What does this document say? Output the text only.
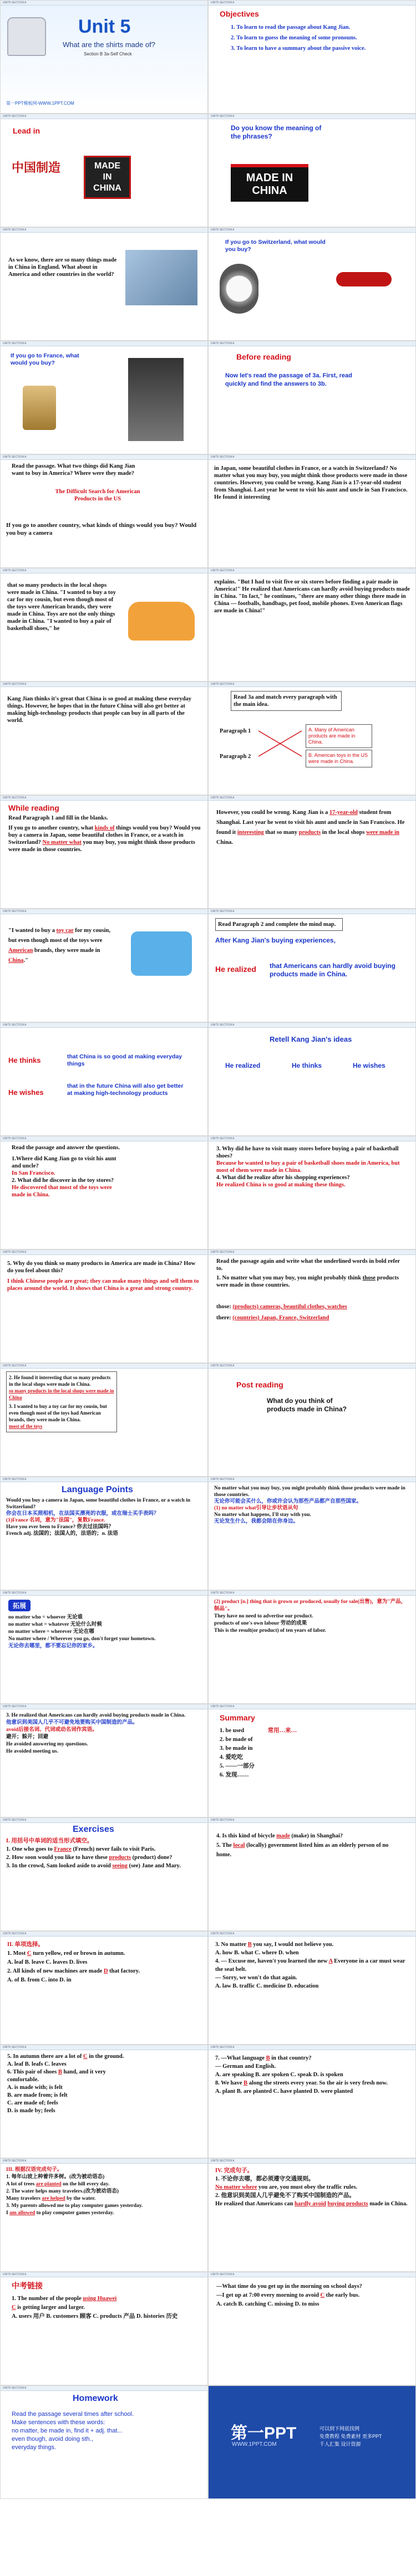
UNIT5 SECTION A
Unit 5
What are the shirts made of?
Section B 3a-Self Check
第一PPT模板网-WWW.1PPT.COM
UNIT5 SECTION A
Objectives

1. To learn to read the passage about Kang Jian.

2. To learn to guess the meaning of some pronouns.

3. To learn to have a summary about the passive voice.

UNIT5 SECTION A
Lead in
中国制造	MADE IN CHINA
UNIT5 SECTION A
Do you know the meaning of the phrases?
MADE IN CHINA
UNIT5 SECTION A
As we know, there are so many things made in China in England. What about in America and other countries in the world?
UNIT5 SECTION A
If you go to Switzerland, what would you buy?
UNIT5 SECTION A
If you go to France, what would you buy?
UNIT5 SECTION A
Before reading
Now let's read the passage of 3a. First, read quickly and find the answers to 3b.
UNIT5 SECTION A
Read the passage. What two things did Kang Jian want to buy in America? Where were they made?
The Difficult Search for American Products in the US
If you go to another country, what kinds of things would you buy? Would you buy a camera
UNIT5 SECTION A
in Japan, some beautiful clothes in France, or a watch in Switzerland? No matter what you may buy, you might think those products were made in those countries. However, you could be wrong. Kang Jian is a 17-year-old student from Shanghai. Last year he went to visit his aunt and uncle in San Francisco. He found it interesting
UNIT5 SECTION A
that so many products in the local shops were made in China. "I wanted to buy a toy car for my cousin, but even though most of the toys were American brands, they were made in China. Toys are not the only things made in China. "I wanted to buy a pair of basketball shoes," he
UNIT5 SECTION A
explains. "But I had to visit five or six stores before finding a pair made in America!" He realized that Americans can hardly avoid buying products made in China. "In fact," he continues, "there are many other things there made in China — footballs, handbags, pet food, mobile phones. Even American flags are made in China!"
UNIT5 SECTION A
Kang Jian thinks it's great that China is so good at making these everyday things. However, he hopes that in the future China will also get better at making high-technology products that people can buy in all parts of the world.
UNIT5 SECTION A
Read 3a and match every paragraph with the main idea.
Paragraph 1
Paragraph 2
A. Many of American products are made in China.
B. American toys in the US were made in China.
UNIT5 SECTION A
While reading
Read Paragraph 1 and fill in the blanks.
If you go to another country, what kinds of things would you buy? Would you buy a camera in Japan, some beautiful clothes in France, or a watch in Switzerland? No matter what you may buy, you might think those products were made in those countries.
UNIT5 SECTION A
However, you could be wrong. Kang Jian is a 17-year-old student from Shanghai. Last year he went to visit his aunt and uncle in San Francisco. He found it interesting that so many products in the local shops were made in China.
UNIT5 SECTION A
"I wanted to buy a toy car for my cousin, but even though most of the toys were American brands, they were made in China."
UNIT5 SECTION A
Read Paragraph 2 and complete the mind map.
After Kang Jian's buying experiences,
He realized that Americans can hardly avoid buying products made in China.
UNIT5 SECTION A
He thinks	that China is so good at making everyday things
He wishes
that in the future China will also get better at making high-technology products
UNIT5 SECTION A
Retell Kang Jian's ideas
He realized	He thinks	He wishes
UNIT5 SECTION A
Read the passage and answer the questions.

1.Where did Kang Jian go to visit his aunt and uncle?

In San Francisco.

2. What did he discover in the toy stores?

He discovered that most of the toys were made in China.

UNIT5 SECTION A

3. Why did he have to visit many stores before buying a pair of basketball shoes?

Because he wanted to buy a pair of basketball shoes made in America, but most of them were made in China.

4. What did he realize after his shopping experiences?

He realized China is so good at making these things.

UNIT5 SECTION A

5. Why do you think so many products in America are made in China? How do you feel about this?

I think Chinese people are great; they can make many things and sell them to places around the world. It shows that China is a great and strong country.

UNIT5 SECTION A
Read the passage again and write what the underlined words in bold refer to.
1. No matter what you may buy, you might probably think those products were made in those countries.
those: (products) cameras, beautiful clothes, watches
there: (countries) Japan, France, Switzerland
UNIT5 SECTION A

2. He found it interesting that so many products in the local shops were made in China.

so many products in the local shops were made in China

3. I wanted to buy a toy car for my cousin, but even though most of the toys had American brands, they were made in China.

most of the toys

UNIT5 SECTION A
Post reading
What do you think of products made in China?
UNIT5 SECTION A
Language Points

Would you buy a camera in Japan, some beautiful clothes in France, or a watch in Switzerland?

你会在日本买照相机，在法国买漂亮的衣服，或在瑞士买手表吗？

(1)France 名词，意为"法国"，复数France.

Have you ever been to France? 你去过法国吗？

French adj. 法国的；法国人的，法语的；n. 法语

UNIT5 SECTION A

No matter what you may buy, you might probably think those products were made in those countries.

无论你可能会买什么，你或许会认为那些产品都产自那些国家。

(1) no matter what引导让步状语从句

No matter what happens, I'll stay with you.

无论发生什么，我都会陪在你身边。

UNIT5 SECTION A
拓展

no matter who = whoever 无论谁

no matter what = whatever 无论什么时候

no matter where = wherever 无论在哪

No matter where / Wherever you go, don't forget your hometown.

无论你去哪里，都不要忘记你的家乡。

UNIT5 SECTION A

(2) product [n.] thing that is grown or produced, usually for sale(出售)，意为"产品，制品"。

They have no need to advertise our product.

products of one's own labour 劳动的成果

This is the result(or product) of ten years of labor.

UNIT5 SECTION A

3. He realized that Americans can hardly avoid buying products made in China.

他意识到美国人几乎不可避免地要购买中国制造的产品。

avoid后接名词、代词或动名词作宾语。

避开；躲开；回避

He avoided answering my questions.

He avoided meeting us.

UNIT5 SECTION A
Summary

1. be used	常用…来…

2. be made of

3. be made in

4. 爱吃吃

5. ——一部分

6. 发现……

UNIT5 SECTION A
Exercises

I. 用括号中单词的适当形式填空。

1. One who goes to France (French) never fails to visit Paris.

2. How soon would you like to have these products (product) done?

3. In the crowd, Sam looked aside to avoid seeing (see) Jane and Mary.

UNIT5 SECTION A

4. Is this kind of bicycle made (make) in Shanghai?

5. The local (locally) government listed him as an elderly person of no home.

UNIT5 SECTION A

II. 单项选择。

1. Most C turn yellow, red or brown in autumn.

A. leaf B. leave C. leaves D. lives

2. All kinds of new machines are made D that factory.

A. of B. from C. into D. in

UNIT5 SECTION A

3. No matter B you say, I would not believe you.

A. how B. what C. where D. when

4. — Excuse me, haven't you learned the new A Everyone in a car must wear the seat belt.

— Sorry, we won't do that again.

A. law B. traffic C. medicine D. education

UNIT5 SECTION A

5. In autumn there are a lot of C in the ground.

A. leaf B. leafs C. leaves

6. This pair of shoes B hand, and it very comfortable.

A. is made with; is felt

B. are made from; is felt

C. are made of; feels

D. is made by; feels

UNIT5 SECTION A

7. —What language B in that country?

— German and English.

A. are speaking B. are spoken C. speak D. is spoken

8. We have B along the streets every year. So the air is very fresh now.

A. plant B. are planted C. have planted D. were planted

UNIT5 SECTION A

III. 根据汉语完成句子。

1. 每年山坡上种着许多树。(改为被动语态)

A lot of trees are planted on the hill every day.

2. The water helps many travelers.(改为被动语态)

Many travelers are helped by the water.

3. My parents allowed me to play computer games yesterday.

I am allowed to play computer games yesterday.

UNIT5 SECTION A

IV. 完成句子。

1. 不论你去哪，都必须遵守交通规则。

No matter where you are, you must obey the traffic rules.

2. 他意识到美国人几乎避免不了购买中国制造的产品。

He realized that Americans can hardly avoid buying products made in China.

UNIT5 SECTION A
中考链接

1. The number of the people using Huawei

C is getting larger and larger.

A. users 用户 B. customers 顾客 C. products 产品 D. histories 历史

UNIT5 SECTION A

—What time do you get up in the morning on school days?

—I get up at 7:00 every morning to avoid C the early bus.

A. catch B. catching C. missing D. to miss

UNIT5 SECTION A
Homework

Read the passage several times after school.

Make sentences with these words:

no matter, be made in, find it + adj. that...

even though, avoid doing sth.,

everyday things.

第一PPT
WWW.1PPT.COM

可以到下网底找例

免费教程 免费素材 更多PPT

千人汇集 设计资源
